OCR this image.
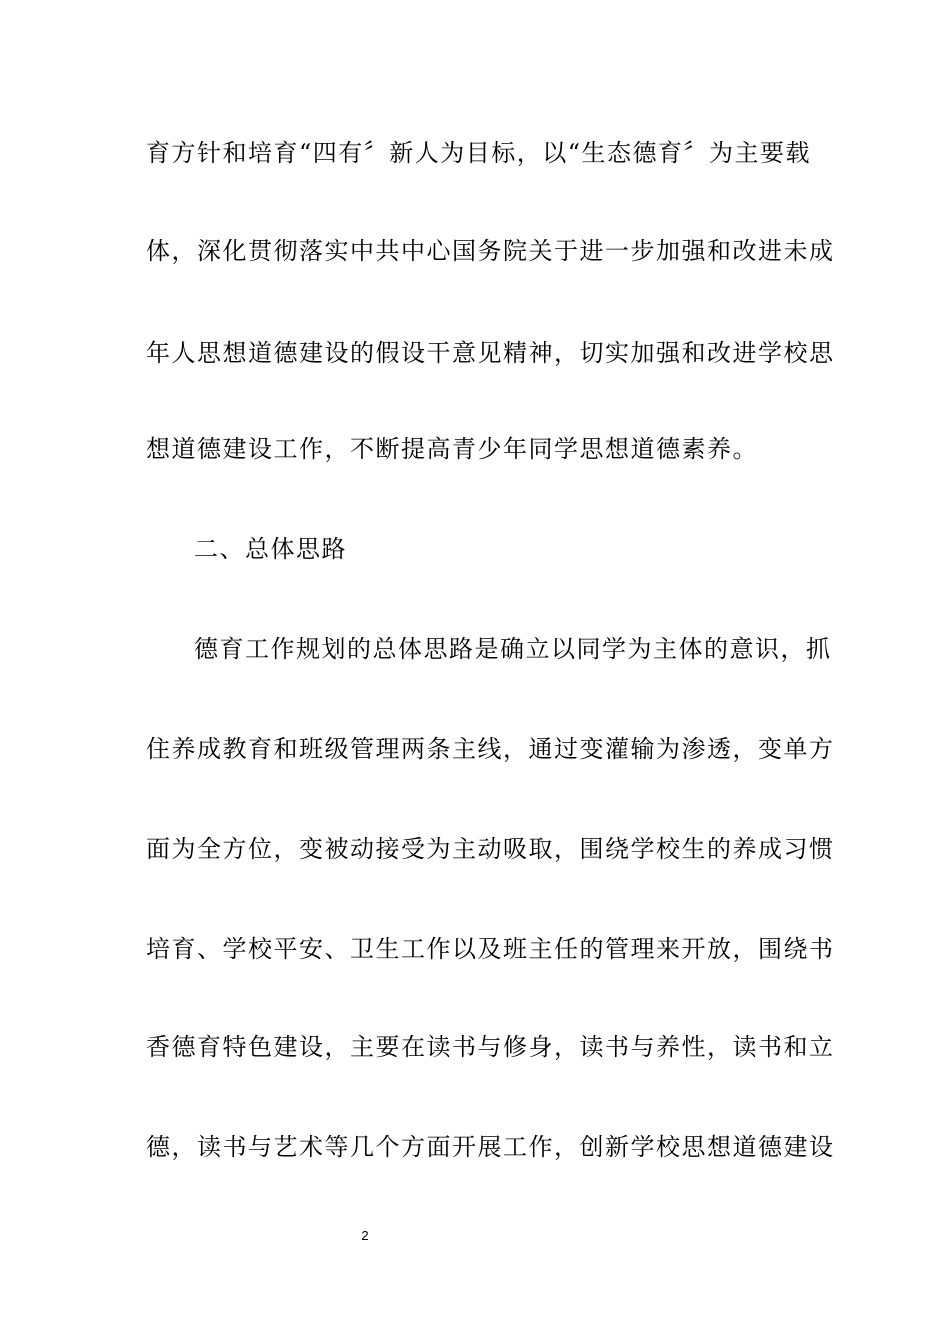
育方针和培育“四有〞新人为目标，以“生态德育〞为主要载
体，深化贯彻落实中共中心国务院关于进一步加强和改进未成
年人思想道德建设的假设干意见精神，切实加强和改进学校思
想道德建设工作，不断提高青少年同学思想道德素养。
二、总体思路
德育工作规划的总体思路是确立以同学为主体的意识，抓
住养成教育和班级管理两条主线，通过变灌输为渗透，变单方
面为全方位，变被动接受为主动吸取，围绕学校生的养成习惯
培育、学校平安、卫生工作以及班主任的管理来开放，围绕书
香德育特色建设，主要在读书与修身，读书与养性，读书和立
德，读书与艺术等几个方面开展工作，创新学校思想道德建设
2
